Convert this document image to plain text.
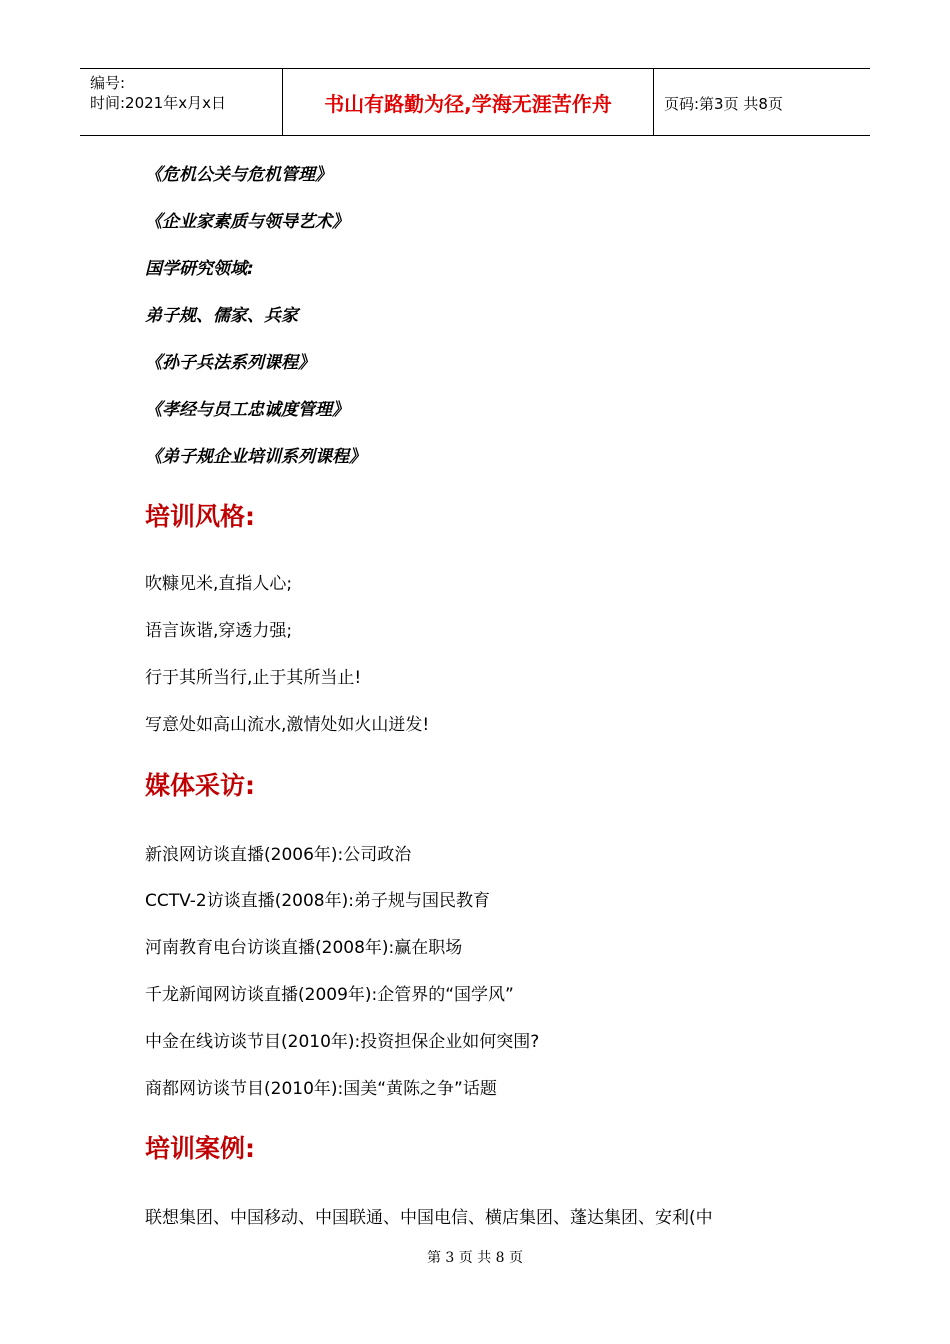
编号:
时间:2021年x月x日	书山有路勤为径,学海无涯苦作舟	页码:第3页 共8页
《危机公关与危机管理》
《企业家素质与领导艺术》
国学研究领域:
弟子规、儒家、兵家
《孙子兵法系列课程》
《孝经与员工忠诚度管理》
《弟子规企业培训系列课程》
培训风格:
吹糠见米,直指人心;
语言诙谐,穿透力强;
行于其所当行,止于其所当止!
写意处如高山流水,激情处如火山迸发!
媒体采访:
新浪网访谈直播(2006年):公司政治
CCTV-2访谈直播(2008年):弟子规与国民教育
河南教育电台访谈直播(2008年):赢在职场
千龙新闻网访谈直播(2009年):企管界的“国学风”
中金在线访谈节目(2010年):投资担保企业如何突围?
商都网访谈节目(2010年):国美“黄陈之争”话题
培训案例:
联想集团、中国移动、中国联通、中国电信、横店集团、蓬达集团、安利(中
第 3 页 共 8 页
